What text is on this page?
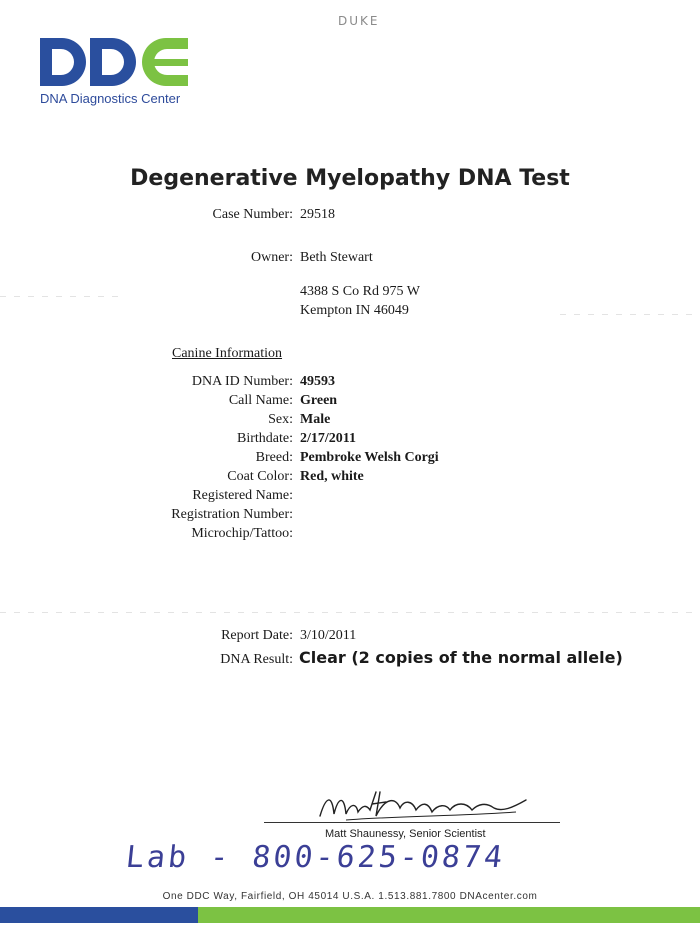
DUKE
DNA Diagnostics Center
Degenerative Myelopathy DNA Test
Case Number: 29518
Owner: Beth Stewart
4388 S Co Rd 975 W
Kempton IN 46049
Canine Information
DNA ID Number: 49593
Call Name: Green
Sex: Male
Birthdate: 2/17/2011
Breed: Pembroke Welsh Corgi
Coat Color: Red, white
Registered Name:
Registration Number:
Microchip/Tattoo:
Report Date: 3/10/2011
DNA Result: Clear (2 copies of the normal allele)
Matt Shaunessy, Senior Scientist
Lab - 800-625-0874
One DDC Way, Fairfield, OH 45014 U.S.A. 1.513.881.7800 DNAcenter.com
